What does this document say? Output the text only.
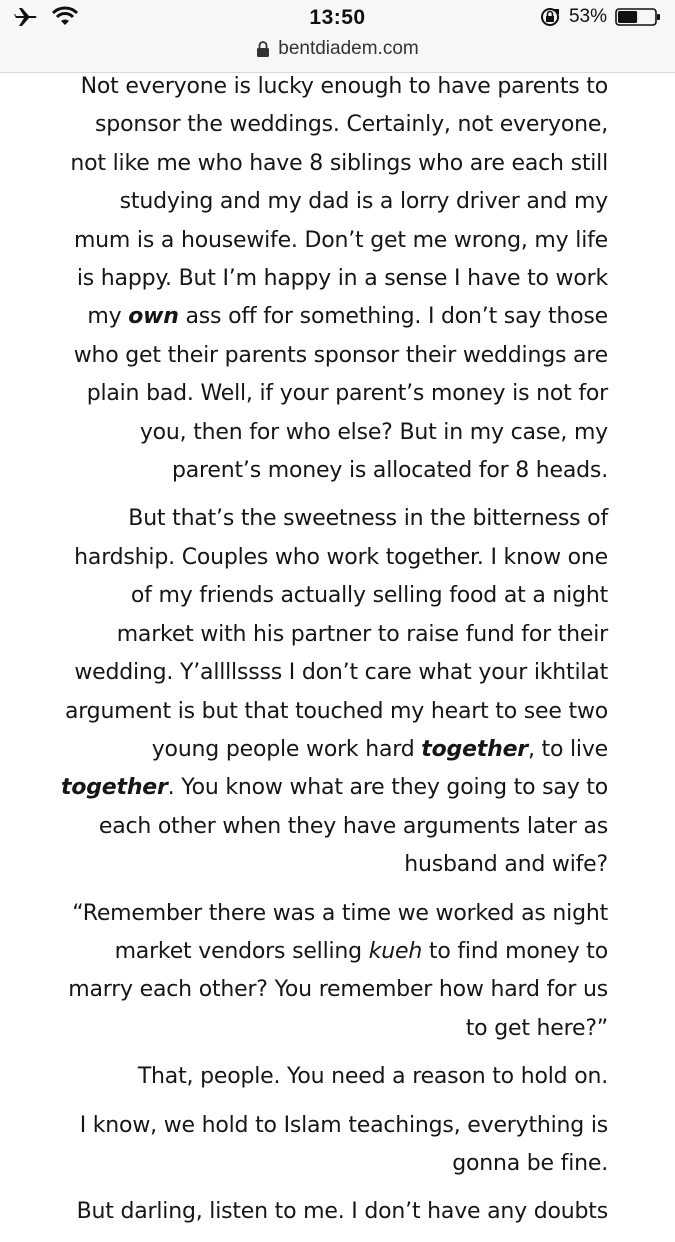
13:50	53%
bentdiadem.com

Not everyone is lucky enough to have parents to sponsor the weddings. Certainly, not everyone, not like me who have 8 siblings who are each still studying and my dad is a lorry driver and my mum is a housewife. Don’t get me wrong, my life is happy. But I’m happy in a sense I have to work my own ass off for something. I don’t say those who get their parents sponsor their weddings are plain bad. Well, if your parent’s money is not for you, then for who else? But in my case, my parent’s money is allocated for 8 heads.

But that’s the sweetness in the bitterness of hardship. Couples who work together. I know one of my friends actually selling food at a night market with his partner to raise fund for their wedding. Y’allllssss I don’t care what your ikhtilat argument is but that touched my heart to see two young people work hard together, to live together. You know what are they going to say to each other when they have arguments later as husband and wife?

“Remember there was a time we worked as night market vendors selling kueh to find money to marry each other? You remember how hard for us to get here?”

That, people. You need a reason to hold on.

I know, we hold to Islam teachings, everything is gonna be fine.

But darling, listen to me. I don’t have any doubts
